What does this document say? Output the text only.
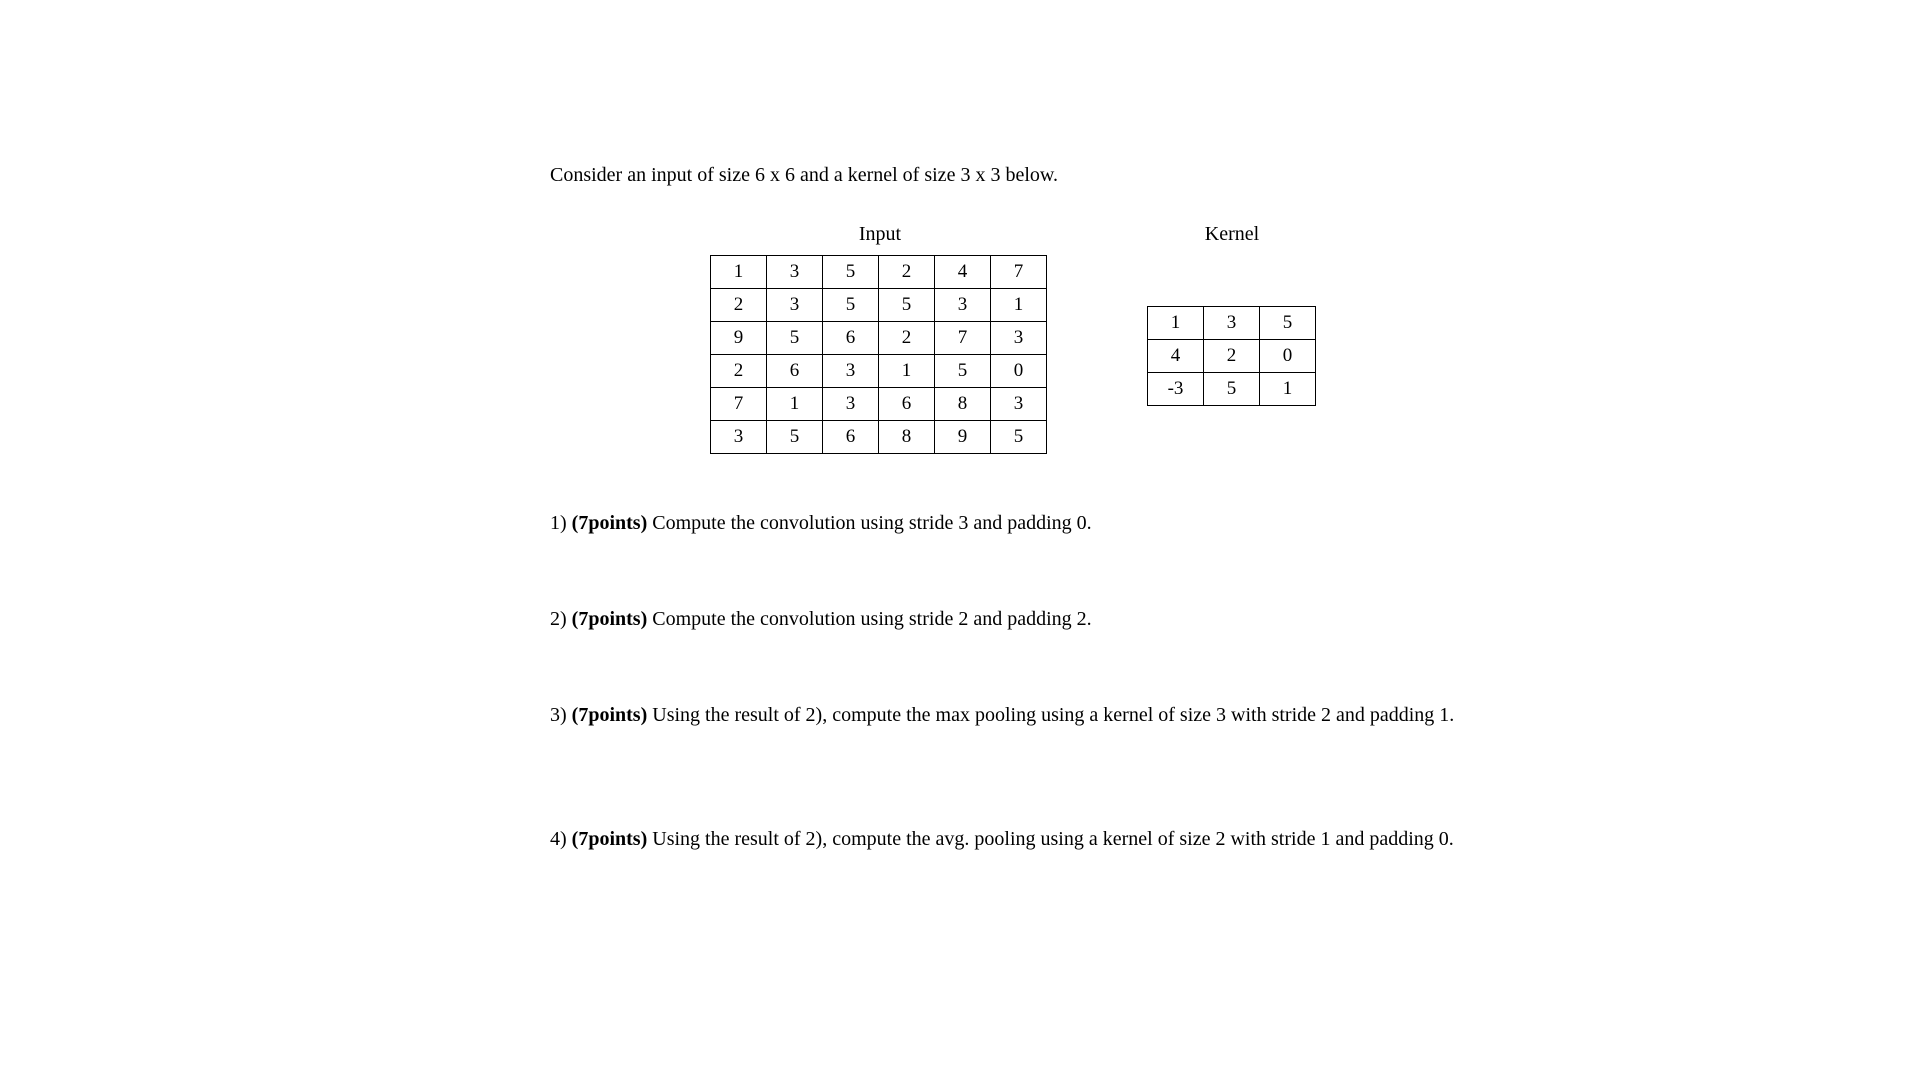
Consider an input of size 6 x 6 and a kernel of size 3 x 3 below.
Input
1	3	5	2	4	7
2	3	5	5	3	1
9	5	6	2	7	3
2	6	3	1	5	0
7	1	3	6	8	3
3	5	6	8	9	5
Kernel
1	3	5
4	2	0
-3	5	1
1) (7points) Compute the convolution using stride 3 and padding 0.
2) (7points) Compute the convolution using stride 2 and padding 2.
3) (7points) Using the result of 2), compute the max pooling using a kernel of size 3 with stride 2 and padding 1.
4) (7points) Using the result of 2), compute the avg. pooling using a kernel of size 2 with stride 1 and padding 0.
